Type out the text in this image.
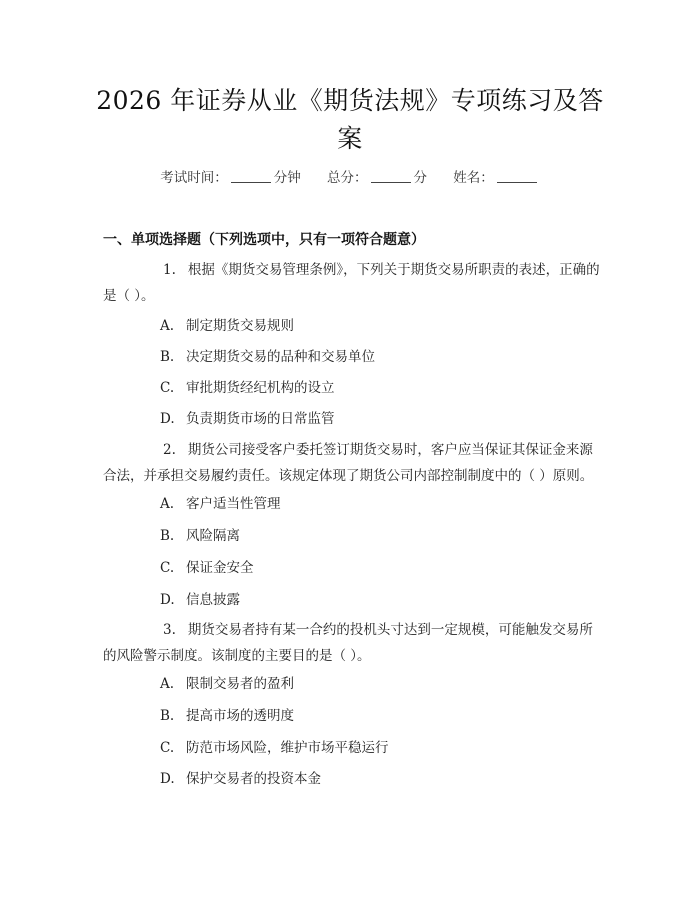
2026 年证券从业《期货法规》专项练习及答案
考试时间：	分钟 总分：	分 姓名：
一、单项选择题（下列选项中，只有一项符合题意）
1. 根据《期货交易管理条例》，下列关于期货交易所职责的表述，正确的是（ ）。
A. 制定期货交易规则
B. 决定期货交易的品种和交易单位
C. 审批期货经纪机构的设立
D. 负责期货市场的日常监管
2. 期货公司接受客户委托签订期货交易时，客户应当保证其保证金来源合法，并承担交易履约责任。该规定体现了期货公司内部控制制度中的（ ）原则。
A. 客户适当性管理
B. 风险隔离
C. 保证金安全
D. 信息披露
3. 期货交易者持有某一合约的投机头寸达到一定规模，可能触发交易所的风险警示制度。该制度的主要目的是（ ）。
A. 限制交易者的盈利
B. 提高市场的透明度
C. 防范市场风险，维护市场平稳运行
D. 保护交易者的投资本金
